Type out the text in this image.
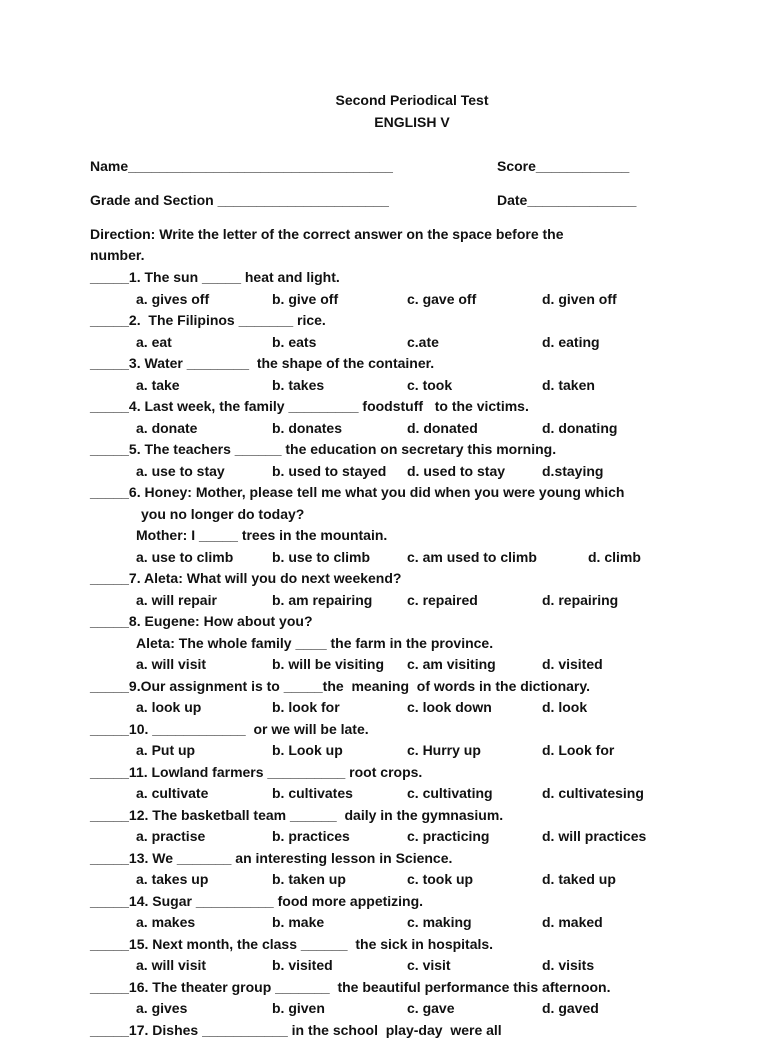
Second Periodical Test
ENGLISH V
Name__________________________________	Score____________
Grade and Section ______________________	Date______________
Direction: Write the letter of the correct answer on the space before the
number.
_____1. The sun _____ heat and light.
a. gives off	b. give off	c. gave off	d. given off
_____2.  The Filipinos _______ rice.
a. eat	b. eats	c.ate	d. eating
_____3. Water ________  the shape of the container.
a. take	b. takes	c. took	d. taken
_____4. Last week, the family _________ foodstuff   to the victims.
a. donate	b. donates	d. donated	d. donating
_____5. The teachers ______ the education on secretary this morning.
a. use to stay	b. used to stayed d. used to stay	d.staying
_____6. Honey: Mother, please tell me what you did when you were young which
you no longer do today?
Mother: I _____ trees in the mountain.
a. use to climb	b. use to climb	c. am used to climb	d. climb
_____7. Aleta: What will you do next weekend?
a. will repair	b. am repairing c. repaired	d. repairing
_____8. Eugene: How about you?
Aleta: The whole family ____ the farm in the province.
a. will visit	b. will be visiting c. am visiting	d. visited
_____9.Our assignment is to _____the  meaning  of words in the dictionary.
a. look up	b. look for	c. look down	d. look
_____10. ____________  or we will be late.
a. Put up	b. Look up	c. Hurry up	d. Look for
_____11. Lowland farmers __________ root crops.
a. cultivate	b. cultivates	c. cultivating	d. cultivatesing
_____12. The basketball team ______  daily in the gymnasium.
a. practise	b. practices	c. practicing	d. will practices
_____13. We _______ an interesting lesson in Science.
a. takes up	b. taken up	c. took up	d. taked up
_____14. Sugar __________ food more appetizing.
a. makes	b. make	c. making	d. maked
_____15. Next month, the class ______  the sick in hospitals.
a. will visit	b. visited	c. visit	d. visits
_____16. The theater group _______  the beautiful performance this afternoon.
a. gives	b. given	c. gave	d. gaved
_____17. Dishes ___________ in the school  play-day  were all
